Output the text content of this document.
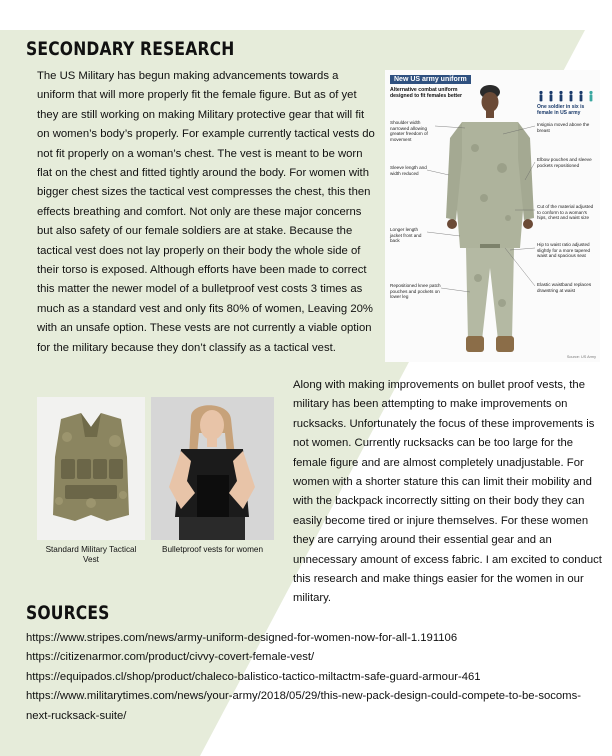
SECONDARY RESEARCH
The US Military has begun making advancements towards a uniform that will more properly fit the female figure. But as of yet they are still working on making Military protective gear that will fit on women’s body’s properly. For example currently tactical vests do not fit properly on a woman’s chest. The vest is meant to be worn flat on the chest and fitted tightly around the body. For women with bigger chest sizes the tactical vest compresses the chest, this then effects breathing and comfort. Not only are these major concerns but also safety of our female soldiers are at stake. Because the tactical vest does not lay properly on their body the whole side of their torso is exposed. Although efforts have been made to correct this matter the newer model of a bulletproof vest costs 3 times as much as a standard vest and only fits 80% of women, Leaving 20% with an unsafe option. These vests are not currently a viable option for the military because they don’t classify as a tactical vest.
New US army uniform
Alternative combat uniform designed to fit females better
One soldier in six is female in US army
Shoulder width narrowed allowing greater freedom of movement
Sleeve length and width reduced
Longer length jacket front and back
Repositioned knee patch pouches and pockets on lower leg
Insignia moved above the breast
Elbow pouches and sleeve pockets repositioned
Cut of the material adjusted to conform to a woman's hips, chest and waist size
Hip to waist ratio adjusted slightly for a more tapered waist and spacious seat
Elastic waistband replaces drawstring at waist
Source: US Army
Standard Military Tactical Vest
Bulletproof vests for women
Along with making improvements on bullet proof vests, the military has been attempting to make improvements on rucksacks. Unfortunately the focus of these improvements is not women. Currently rucksacks can be too large for the female figure and are almost completely unadjustable. For women with a shorter stature this can limit their mobility and with the backpack incorrectly sitting on their body they can easily become tired or injure themselves. For these women they are carrying around their essential gear and an unnecessary amount of excess fabric. I am excited to conduct this research and make things easier for the women in our military.
SOURCES
https://www.stripes.com/news/army-uniform-designed-for-women-now-for-all-1.191106
https://citizenarmor.com/product/civvy-covert-female-vest/
https://equipados.cl/shop/product/chaleco-balistico-tactico-miltactm-safe-guard-armour-461
https://www.militarytimes.com/news/your-army/2018/05/29/this-new-pack-design-could-compete-to-be-socoms-next-rucksack-suite/
